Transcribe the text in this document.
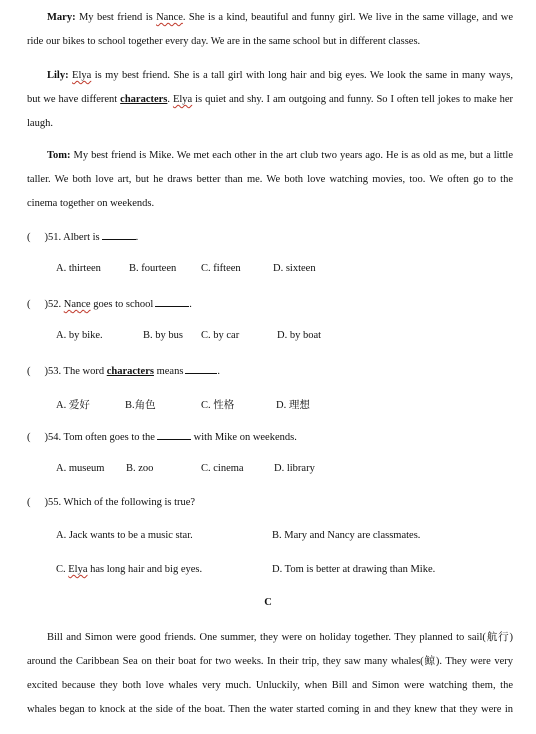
Mary: My best friend is Nance. She is a kind, beautiful and funny girl. We live in the same village, and we
ride our bikes to school together every day. We are in the same school but in different classes.
Lily: Elya is my best friend. She is a tall girl with long hair and big eyes. We look the same in many ways,
but we have different characters. Elya is quiet and shy. I am outgoing and funny. So I often tell jokes to make her
laugh.
Tom: My best friend is Mike. We met each other in the art club two years ago. He is as old as me, but a little
taller. We both love art, but he draws better than me. We both love watching movies, too. We often go to the
cinema together on weekends.
( )51. Albert is	.
A. thirteen	B. fourteen C. fifteen	D. sixteen
( )52. Nance goes to school	.
A. by bike.	B. by bus C. by car	D. by boat
( )53. The word characters means	.
A. 爱好	B.角色	C. 性格	D. 理想
( )54. Tom often goes to the	with Mike on weekends.
A. museum B. zoo	C. cinema	D. library
( )55. Which of the following is true?
A. Jack wants to be a music star.	B. Mary and Nancy are classmates.
C. Elya has long hair and big eyes.	D. Tom is better at drawing than Mike.
C
Bill and Simon were good friends. One summer, they were on holiday together. They planned to sail(航行)
around the Caribbean Sea on their boat for two weeks. In their trip, they saw many whales(鲸). They were very
excited because they both love whales very much. Unluckily, when Bill and Simon were watching them, the
whales began to knock at the side of the boat. Then the water started coming in and they knew that they were in
